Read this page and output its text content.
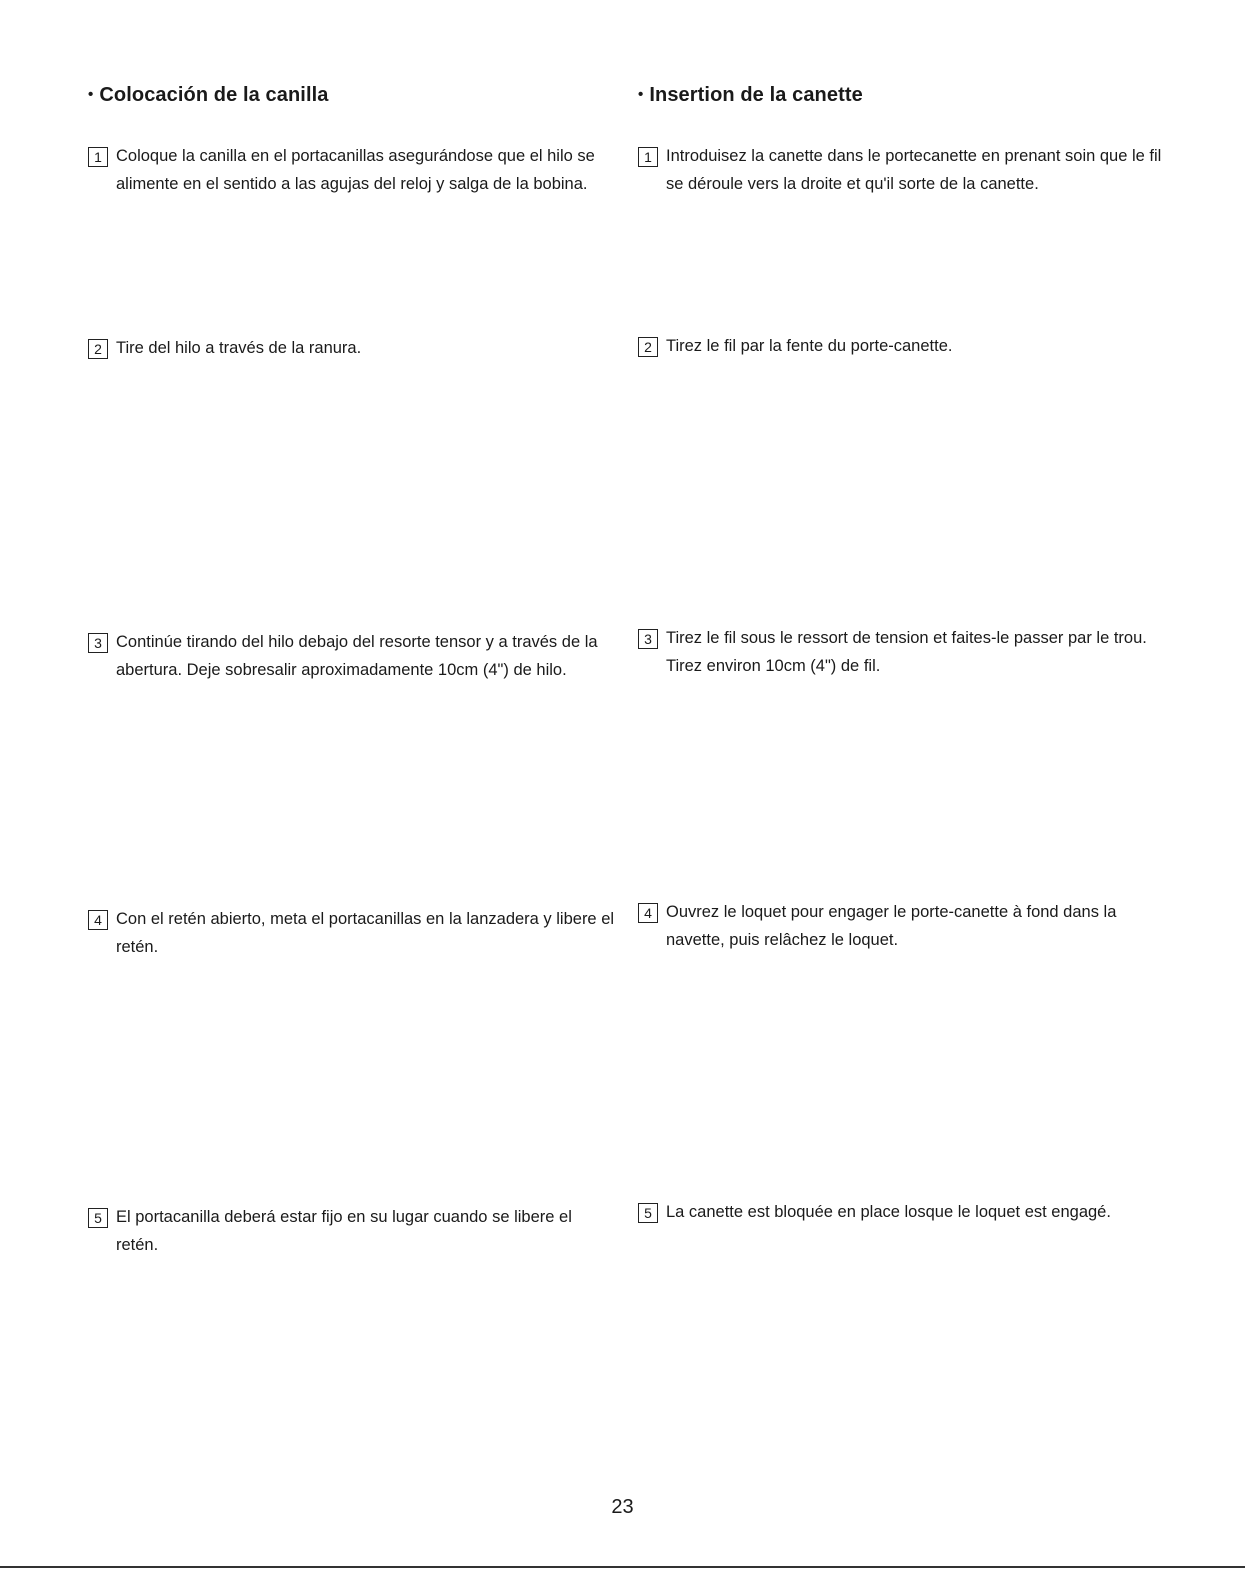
• Colocación de la canilla
1 Coloque la canilla en el portacanillas asegurándose que el hilo se alimente en el sentido a las agujas del reloj y salga de la bobina.

2 Tire del hilo a través de la ranura.

3 Continúe tirando del hilo debajo del resorte tensor y a través de la abertura. Deje sobresalir aproximadamente 10cm (4") de hilo.

4 Con el retén abierto, meta el portacanillas en la lanzadera y libere el retén.

5 El portacanilla deberá estar fijo en su lugar cuando se libere el retén.

• Insertion de la canette
1 Introduisez la canette dans le portecanette en prenant soin que le fil se déroule vers la droite et qu'il sorte de la canette.

2 Tirez le fil par la fente du porte-canette.

3 Tirez le fil sous le ressort de tension et faites-le passer par le trou. Tirez environ 10cm (4") de fil.

4 Ouvrez le loquet pour engager le porte-canette à fond dans la navette, puis relâchez le loquet.

5 La canette est bloquée en place losque le loquet est engagé.

23
